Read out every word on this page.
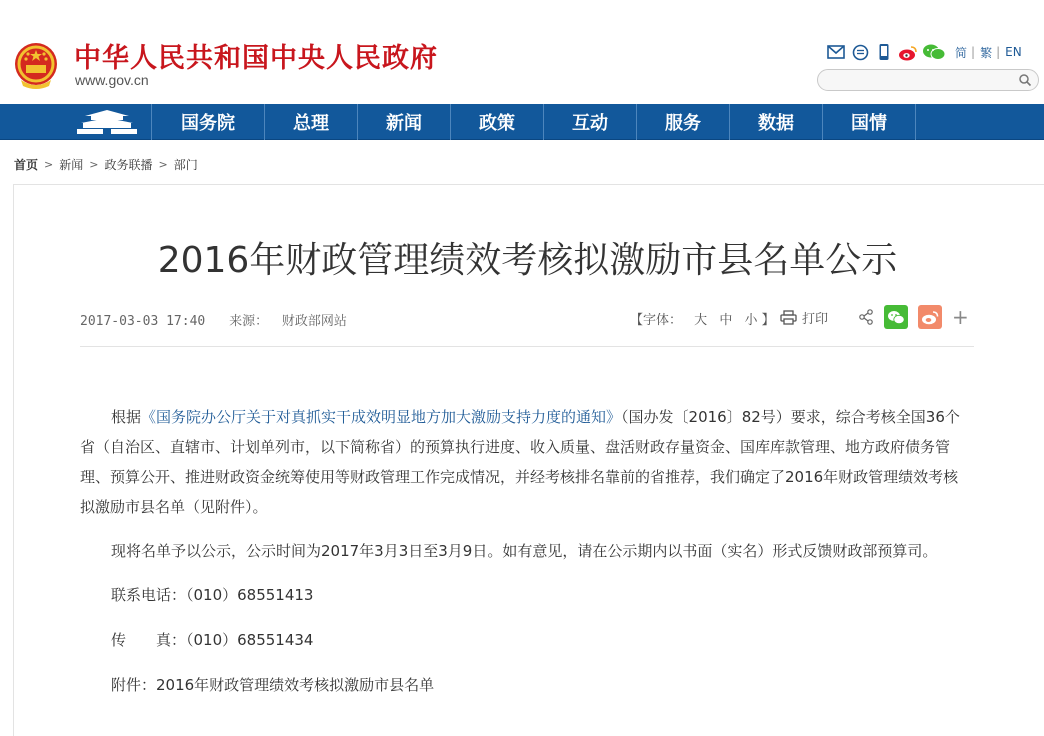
中华人民共和国中央人民政府
www.gov.cn
简 | 繁 | EN
国务院	总理	新闻	政策	互动	服务	数据	国情
首页 > 新闻 > 政务联播 > 部门
2016年财政管理绩效考核拟激励市县名单公示
2017-03-03 17:40 来源： 财政部网站	【字体： 大 中 小 】 打印	+

根据《国务院办公厅关于对真抓实干成效明显地方加大激励支持力度的通知》（国办发〔2016〕82号）要求，综合考核全国36个省（自治区、直辖市、计划单列市，以下简称省）的预算执行进度、收入质量、盘活财政存量资金、国库库款管理、地方政府债务管理、预算公开、推进财政资金统筹使用等财政管理工作完成情况，并经考核排名靠前的省推荐，我们确定了2016年财政管理绩效考核拟激励市县名单（见附件）。

现将名单予以公示，公示时间为2017年3月3日至3月9日。如有意见，请在公示期内以书面（实名）形式反馈财政部预算司。

联系电话：（010）68551413
传　　真：（010）68551434
附件：2016年财政管理绩效考核拟激励市县名单
